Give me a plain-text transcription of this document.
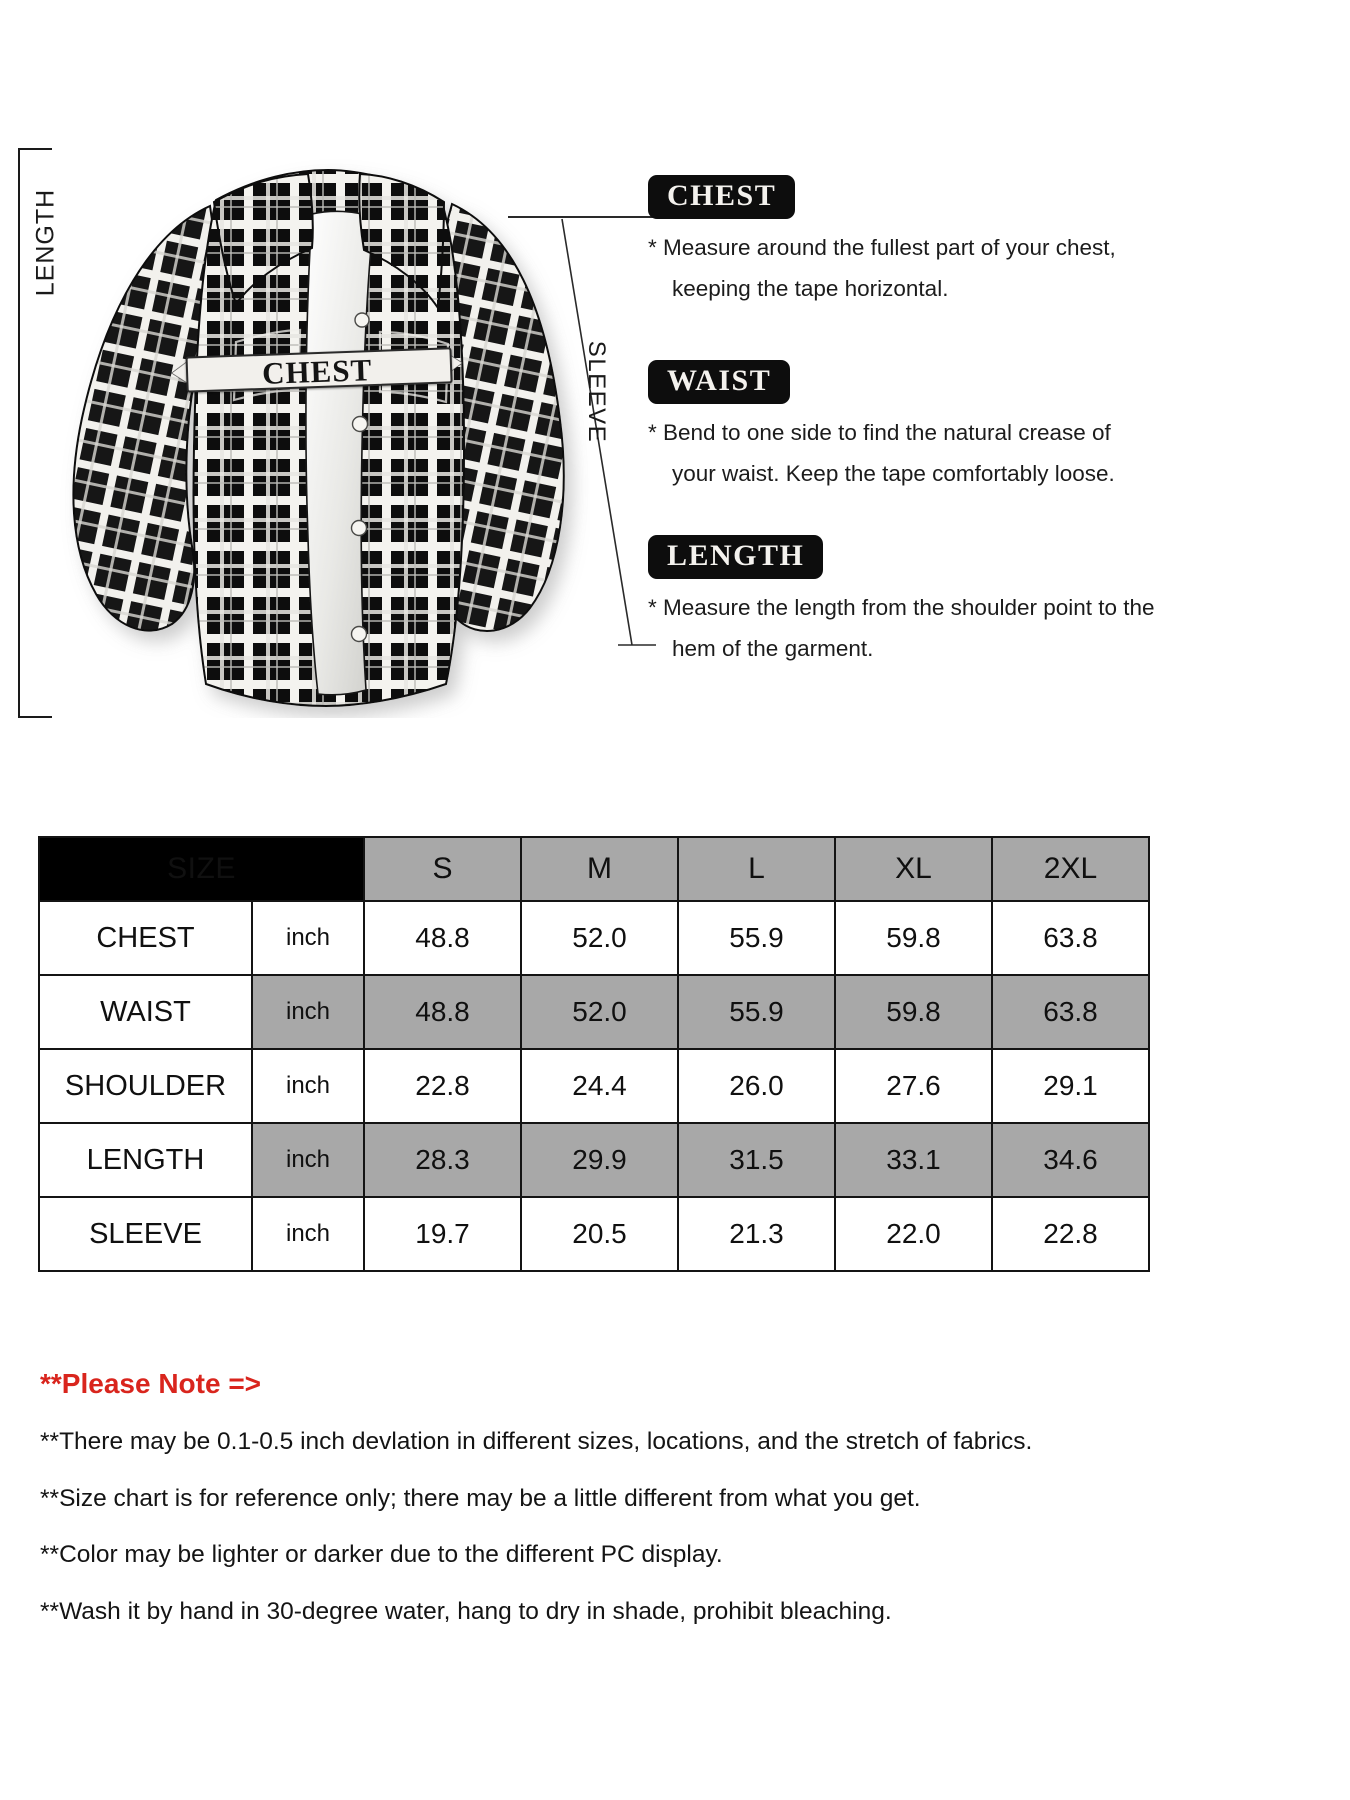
LENGTH
CHEST	SLEEVE
CHEST
* Measure around the fullest part of your chest,
keeping the tape horizontal.
WAIST
* Bend to one side to find the natural crease of
your waist. Keep the tape comfortably loose.
LENGTH
* Measure the length from the shoulder point to the
hem of the garment.
SIZE		S	M	L	XL	2XL
CHEST	inch	48.8	52.0	55.9	59.8	63.8
WAIST	inch	48.8	52.0	55.9	59.8	63.8
SHOULDER	inch	22.8	24.4	26.0	27.6	29.1
LENGTH	inch	28.3	29.9	31.5	33.1	34.6
SLEEVE	inch	19.7	20.5	21.3	22.0	22.8
**Please Note =>
**There may be 0.1-0.5 inch devlation in different sizes, locations, and the stretch of fabrics.
**Size chart is for reference only; there may be a little different from what you get.
**Color may be lighter or darker due to the different PC display.
**Wash it by hand in 30-degree water, hang to dry in shade, prohibit bleaching.
